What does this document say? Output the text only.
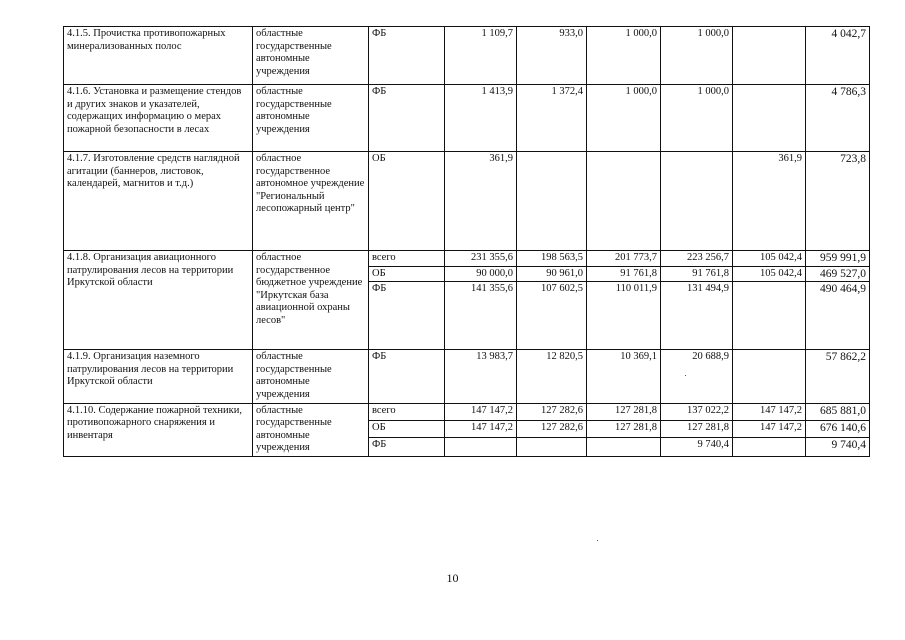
4.1.5. Прочистка противопожарных минерализованных полос	областные государственные автономные учреждения	ФБ	1 109,7	933,0	1 000,0	1 000,0		4 042,7
4.1.6. Установка и размещение стендов и других знаков и указателей, содержащих информацию о мерах пожарной безопасности в лесах	областные государственные автономные учреждения	ФБ	1 413,9	1 372,4	1 000,0	1 000,0		4 786,3
4.1.7. Изготовление средств наглядной агитации (баннеров, листовок, календарей, магнитов и т.д.)	областное государственное автономное учреждение "Региональный лесопожарный центр"	ОБ	361,9				361,9	723,8
4.1.8. Организация авиационного патрулирования лесов на территории Иркутской области	областное государственное бюджетное учреждение "Иркутская база авиационной охраны лесов"	всего	231 355,6	198 563,5	201 773,7	223 256,7	105 042,4	959 991,9
		ОБ	90 000,0	90 961,0	91 761,8	91 761,8	105 042,4	469 527,0
		ФБ	141 355,6	107 602,5	110 011,9	131 494,9		490 464,9
4.1.9. Организация наземного патрулирования лесов на территории Иркутской области	областные государственные автономные учреждения	ФБ	13 983,7	12 820,5	10 369,1	20 688,9		57 862,2
4.1.10. Содержание пожарной техники, противопожарного снаряжения и инвентаря	областные государственные автономные учреждения	всего	147 147,2	127 282,6	127 281,8	137 022,2	147 147,2	685 881,0
		ОБ	147 147,2	127 282,6	127 281,8	127 281,8	147 147,2	676 140,6
		ФБ				9 740,4		9 740,4
10
